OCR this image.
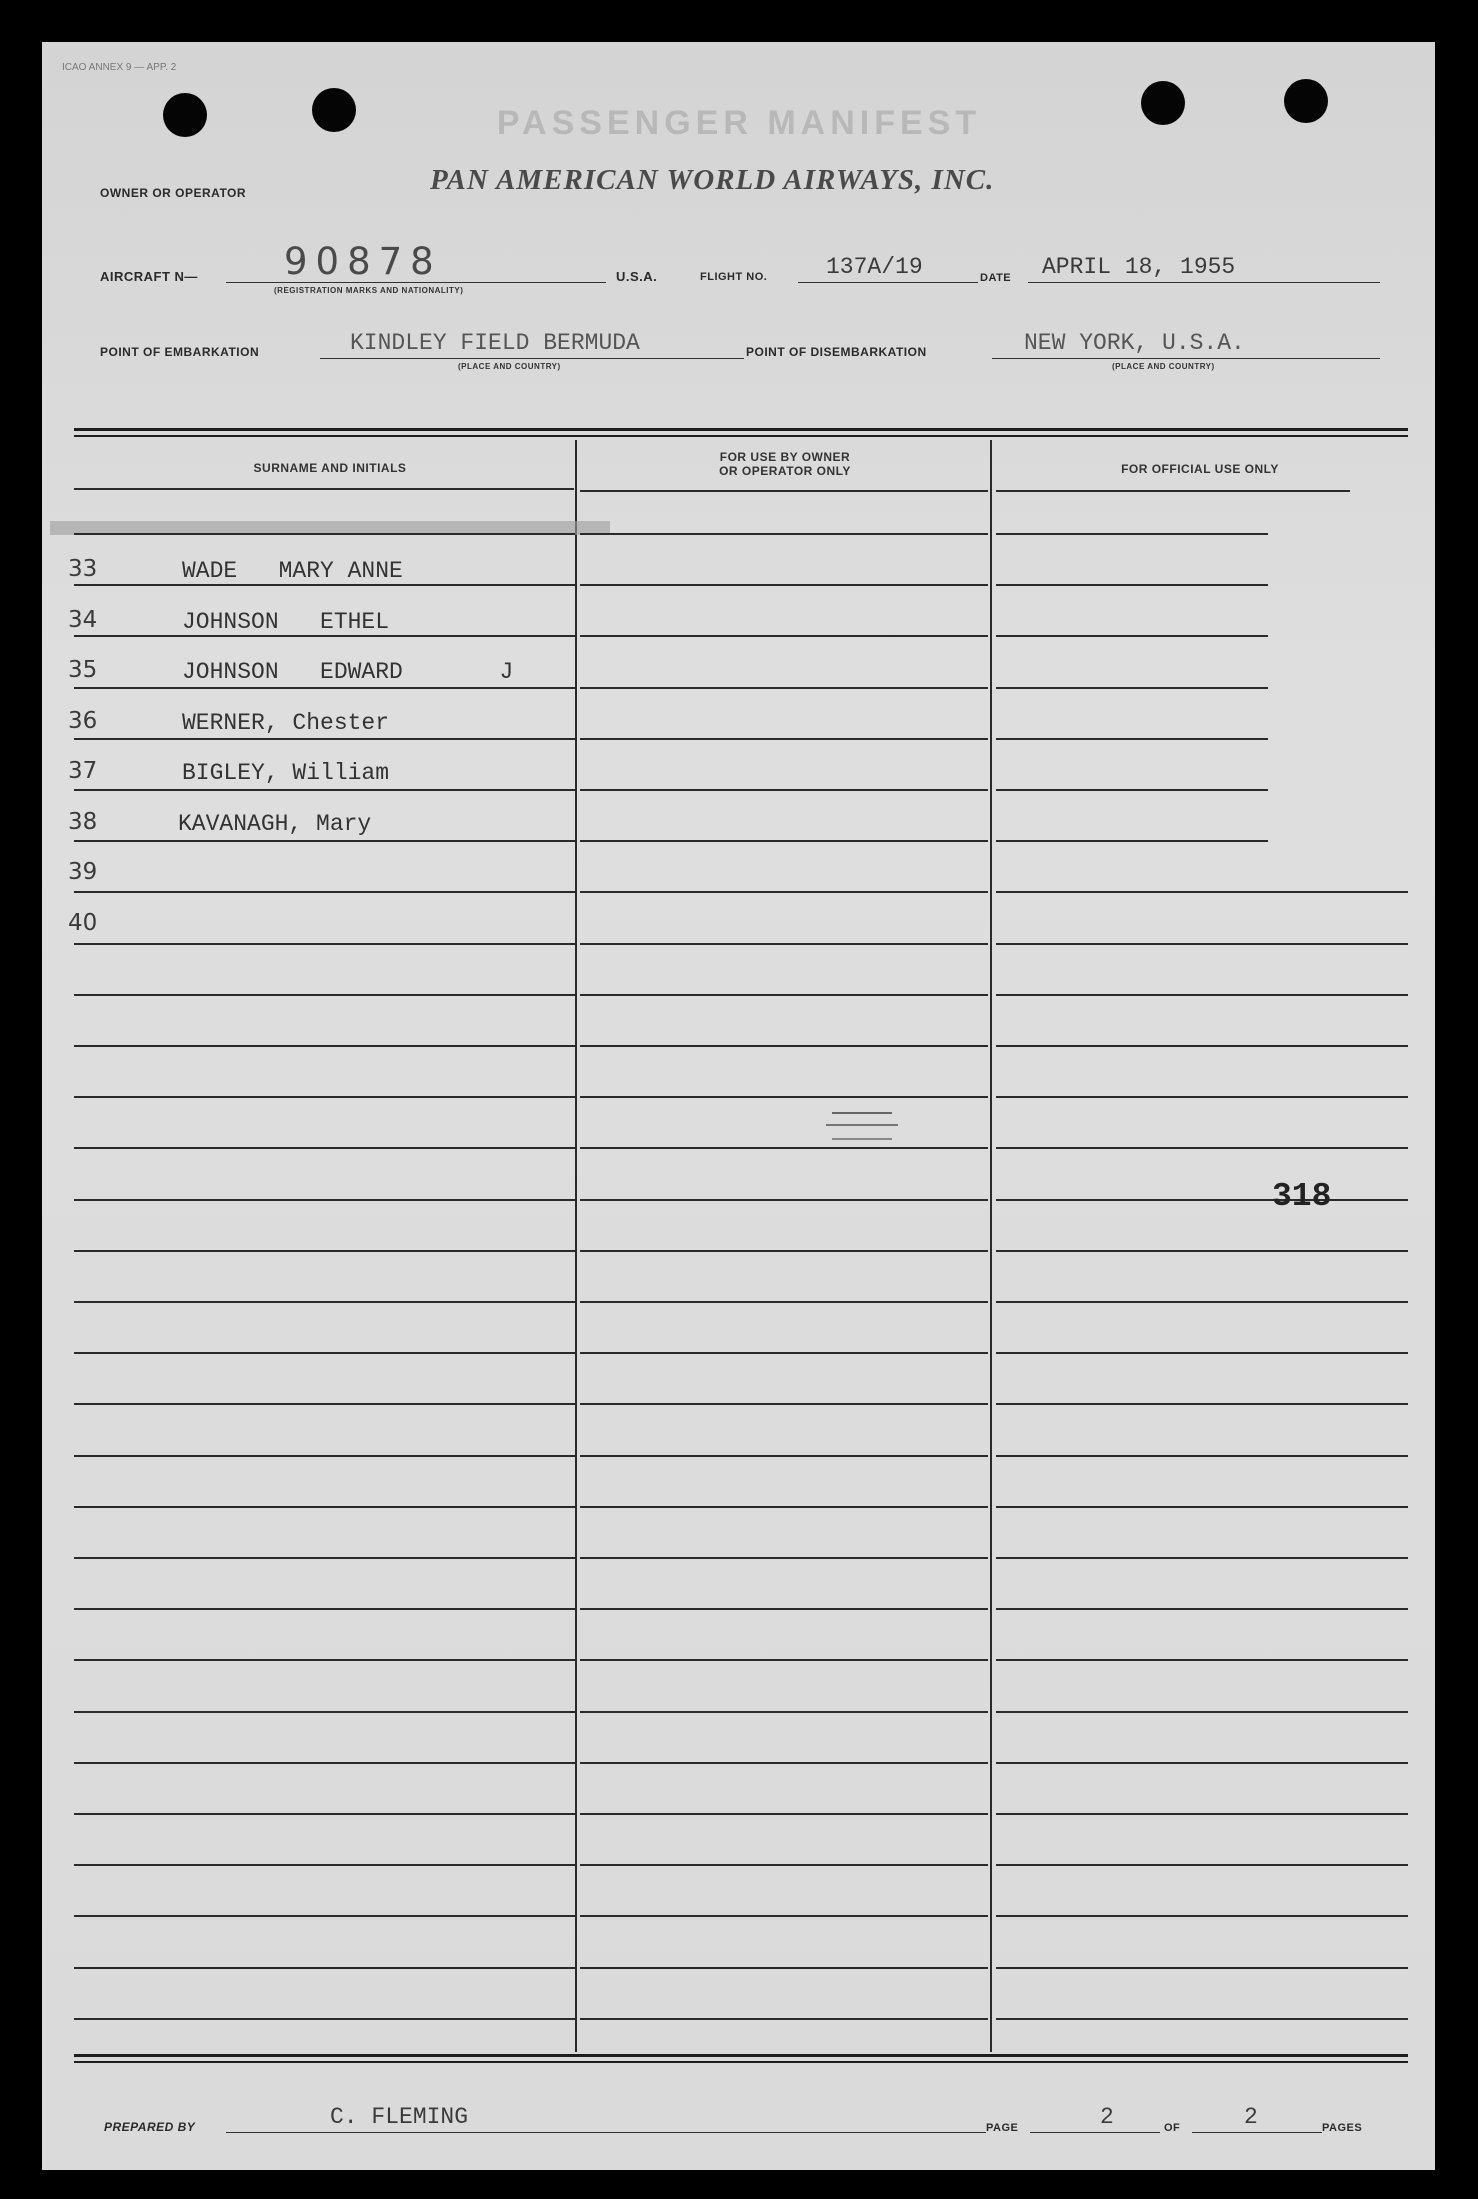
ICAO ANNEX 9 — APP. 2
PASSENGER MANIFEST
OWNER OR OPERATOR	PAN AMERICAN WORLD AIRWAYS, INC.
AIRCRAFT N— 90878
(REGISTRATION MARKS AND NATIONALITY)
U.S.A.	FLIGHT NO.	137A/19	DATE APRIL 18, 1955
POINT OF EMBARKATION	KINDLEY FIELD BERMUDA
(PLACE AND COUNTRY)
POINT OF DISEMBARKATION	NEW YORK, U.S.A.
(PLACE AND COUNTRY)
SURNAME AND INITIALS
FOR USE BY OWNER
OR OPERATOR ONLY	FOR OFFICIAL USE ONLY
33	WADE   MARY ANNE
34	JOHNSON   ETHEL
35	JOHNSON   EDWARD       J
36	WERNER, Chester
37	BIGLEY, William
38	KAVANAGH, Mary
39
40
318
PREPARED BY	C. FLEMING	PAGE	2	OF	2	PAGES
